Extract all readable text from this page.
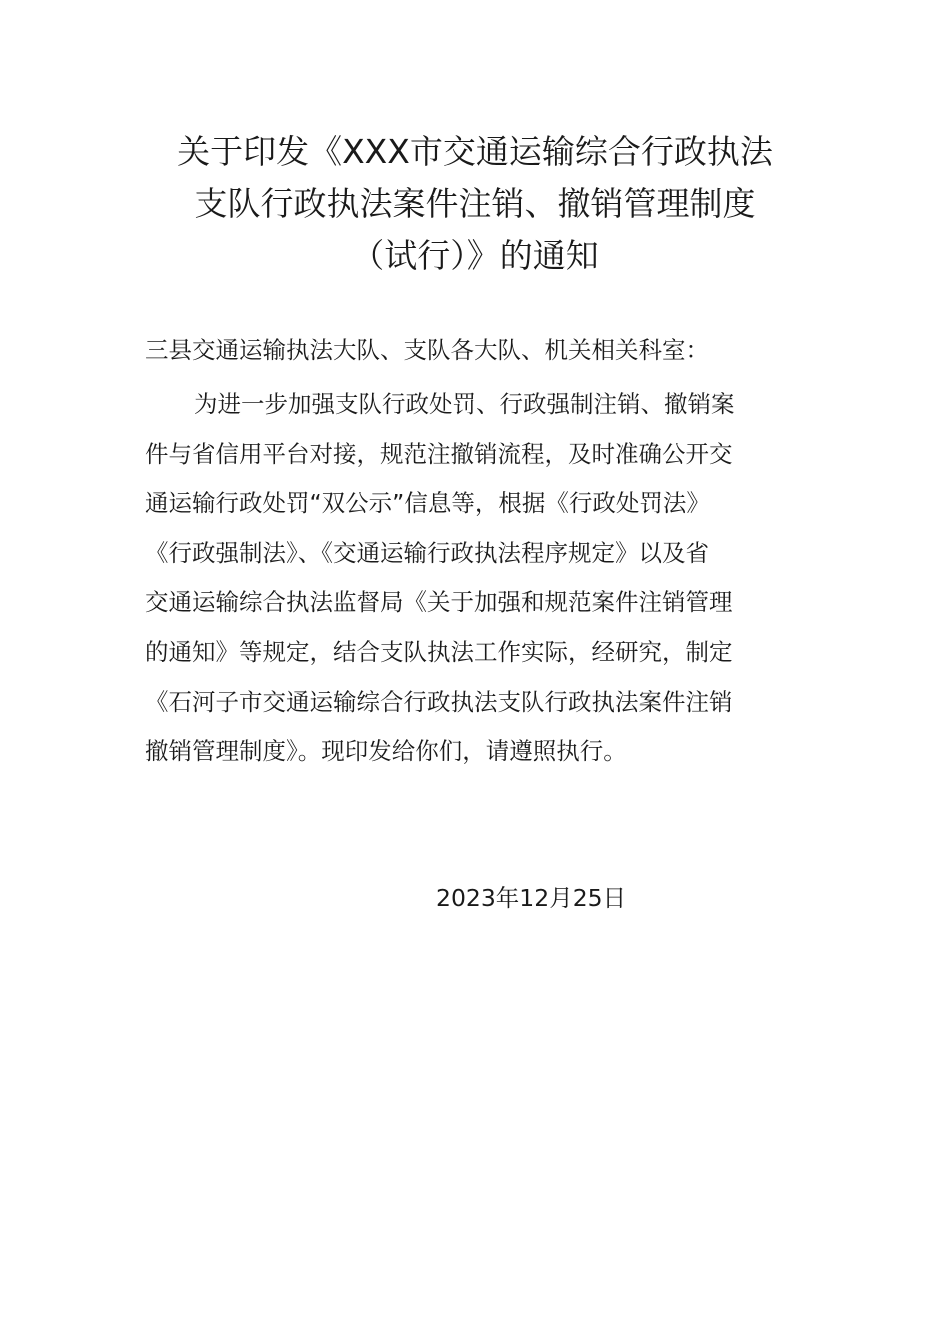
关于印发《XXX市交通运输综合行政执法
支队行政执法案件注销、撤销管理制度
（试行）》的通知

三县交通运输执法大队、支队各大队、机关相关科室：

为进一步加强支队行政处罚、行政强制注销、撤销案
件与省信用平台对接，规范注撤销流程，及时准确公开交
通运输行政处罚“双公示”信息等，根据《行政处罚法》
《行政强制法》、《交通运输行政执法程序规定》以及省
交通运输综合执法监督局《关于加强和规范案件注销管理
的通知》等规定，结合支队执法工作实际，经研究，制定
《石河子市交通运输综合行政执法支队行政执法案件注销
撤销管理制度》。现印发给你们，请遵照执行。

2023年12月25日
